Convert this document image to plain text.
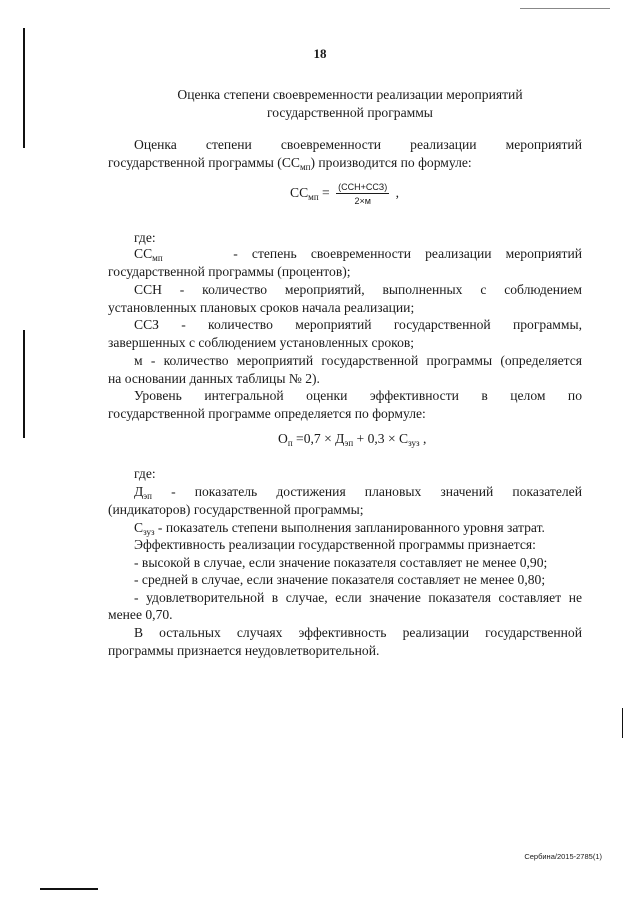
18
Оценка степени своевременности реализации мероприятий
государственной программы
Оценка степени своевременности реализации мероприятий
государственной программы $(СС_{мп})$ производится по формуле:
$СС_{мп} = \frac{\text{(ССН+ССЗ)}}{2\times м}$ ,
где:
$СС_{мп}$	- степень своевременности реализации мероприятий
государственной программы (процентов);
ССН - количество мероприятий, выполненных с соблюдением
установленных плановых сроков начала реализации;
ССЗ - количество мероприятий государственной программы,
завершенных с соблюдением установленных сроков;
м - количество мероприятий государственной программы (определяется
на основании данных таблицы № 2).
Уровень интегральной оценки эффективности в целом по
государственной программе определяется по формуле:
$О_п =0,7 \times Д_{эп} + 0,3 \times С_{зуз}$ ,
где:
$Д_{эп}$ - показатель достижения плановых значений показателей
(индикаторов) государственной программы;
$С_{зуз}$ - показатель степени выполнения запланированного уровня затрат.
Эффективность реализации государственной программы признается:
- высокой в случае, если значение показателя составляет не менее 0,90;
- средней в случае, если значение показателя составляет не менее 0,80;
- удовлетворительной в случае, если значение показателя составляет не
менее 0,70.
В остальных случаях эффективность реализации государственной
программы признается неудовлетворительной.
Сербина/2015-2785(1)
